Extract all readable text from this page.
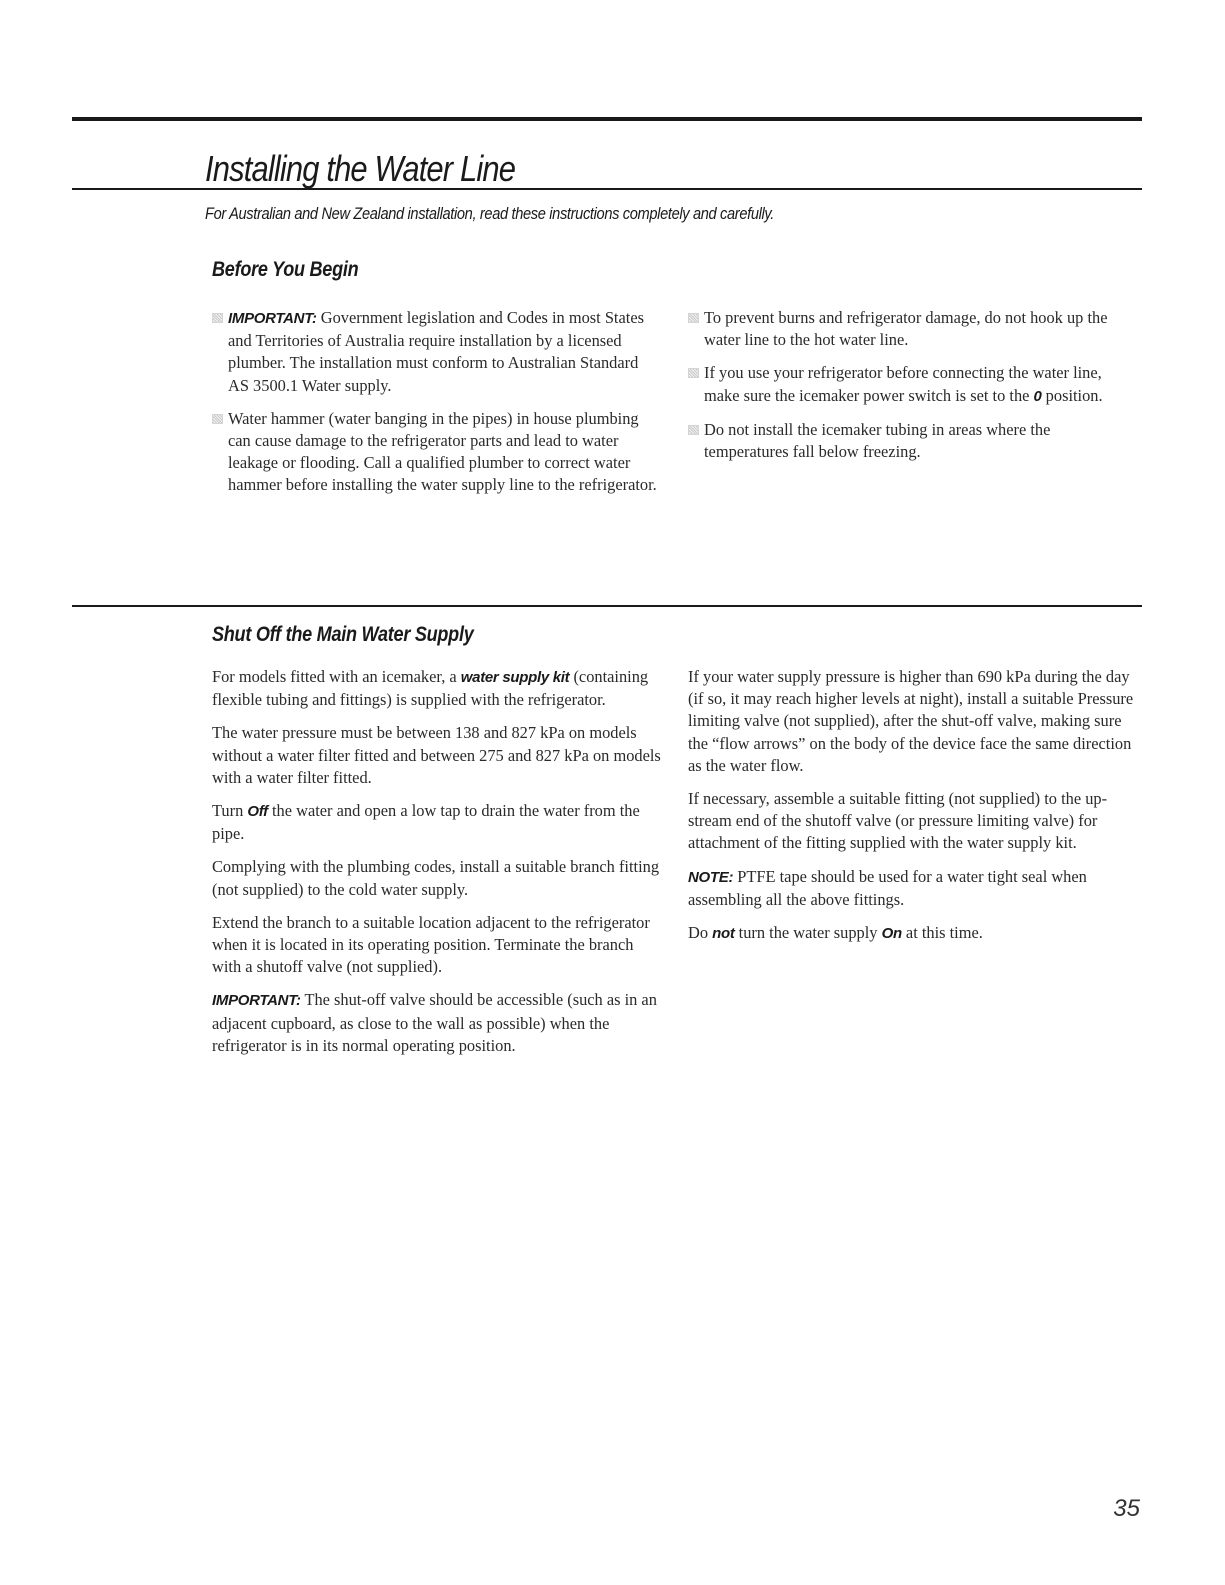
Installing the Water Line

For Australian and New Zealand installation, read these instructions completely and carefully.

Before You Begin
IMPORTANT: Government legislation and Codes in most States and Territories of Australia require installation by a licensed plumber. The installation must conform to Australian Standard AS 3500.1 Water supply.
Water hammer (water banging in the pipes) in house plumbing can cause damage to the refrigerator parts and lead to water leakage or flooding. Call a qualified plumber to correct water hammer before installing the water supply line to the refrigerator.
To prevent burns and refrigerator damage, do not hook up the water line to the hot water line.
If you use your refrigerator before connecting the water line, make sure the icemaker power switch is set to the 0 position.
Do not install the icemaker tubing in areas where the temperatures fall below freezing.
Shut Off the Main Water Supply

For models fitted with an icemaker, a water supply kit (containing flexible tubing and fittings) is supplied with the refrigerator.

The water pressure must be between 138 and 827 kPa on models without a water filter fitted and between 275 and 827 kPa on models with a water filter fitted.

Turn Off the water and open a low tap to drain the water from the pipe.

Complying with the plumbing codes, install a suitable branch fitting (not supplied) to the cold water supply.

Extend the branch to a suitable location adjacent to the refrigerator when it is located in its operating position. Terminate the branch with a shutoff valve (not supplied).

IMPORTANT: The shut-off valve should be accessible (such as in an adjacent cupboard, as close to the wall as possible) when the refrigerator is in its normal operating position.

If your water supply pressure is higher than 690 kPa during the day (if so, it may reach higher levels at night), install a suitable Pressure limiting valve (not supplied), after the shut-off valve, making sure the “flow arrows” on the body of the device face the same direction as the water flow.

If necessary, assemble a suitable fitting (not supplied) to the up-stream end of the shutoff valve (or pressure limiting valve) for attachment of the fitting supplied with the water supply kit.

NOTE: PTFE tape should be used for a water tight seal when assembling all the above fittings.

Do not turn the water supply On at this time.

35
